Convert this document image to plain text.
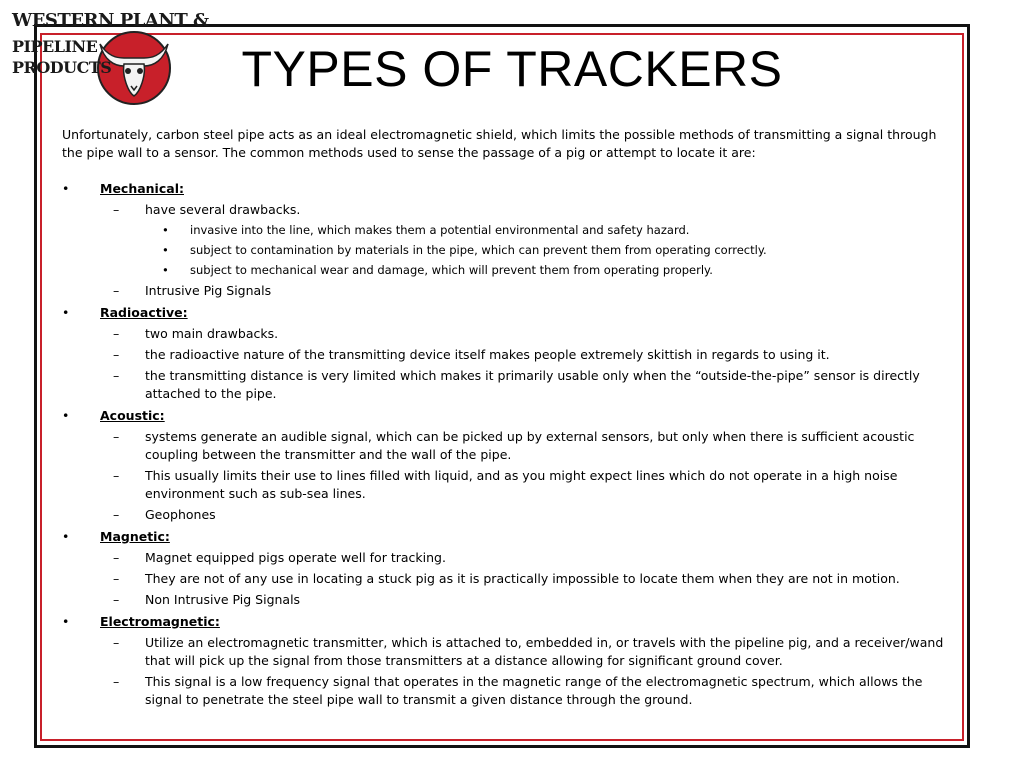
WESTERN PLANT &
PIPELINE
PRODUCTS	TYPES OF TRACKERS

Unfortunately, carbon steel pipe acts as an ideal electromagnetic shield, which limits the possible methods of transmitting a signal through the pipe wall to a sensor. The common methods used to sense the passage of a pig or attempt to locate it are:

• Mechanical:
– have several drawbacks.
• invasive into the line, which makes them a potential environmental and safety hazard.
• subject to contamination by materials in the pipe, which can prevent them from operating correctly.
• subject to mechanical wear and damage, which will prevent them from operating properly.
– Intrusive Pig Signals
• Radioactive:
– two main drawbacks.
– the radioactive nature of the transmitting device itself makes people extremely skittish in regards to using it.
– the transmitting distance is very limited which makes it primarily usable only when the “outside-the-pipe” sensor is directly attached to the pipe.
• Acoustic:
– systems generate an audible signal, which can be picked up by external sensors, but only when there is sufficient acoustic coupling between the transmitter and the wall of the pipe.
– This usually limits their use to lines filled with liquid, and as you might expect lines which do not operate in a high noise environment such as sub-sea lines.
– Geophones
• Magnetic:
– Magnet equipped pigs operate well for tracking.
– They are not of any use in locating a stuck pig as it is practically impossible to locate them when they are not in motion.
– Non Intrusive Pig Signals
• Electromagnetic:
– Utilize an electromagnetic transmitter, which is attached to, embedded in, or travels with the pipeline pig, and a receiver/wand that will pick up the signal from those transmitters at a distance allowing for significant ground cover.
– This signal is a low frequency signal that operates in the magnetic range of the electromagnetic spectrum, which allows the signal to penetrate the steel pipe wall to transmit a given distance through the ground.
